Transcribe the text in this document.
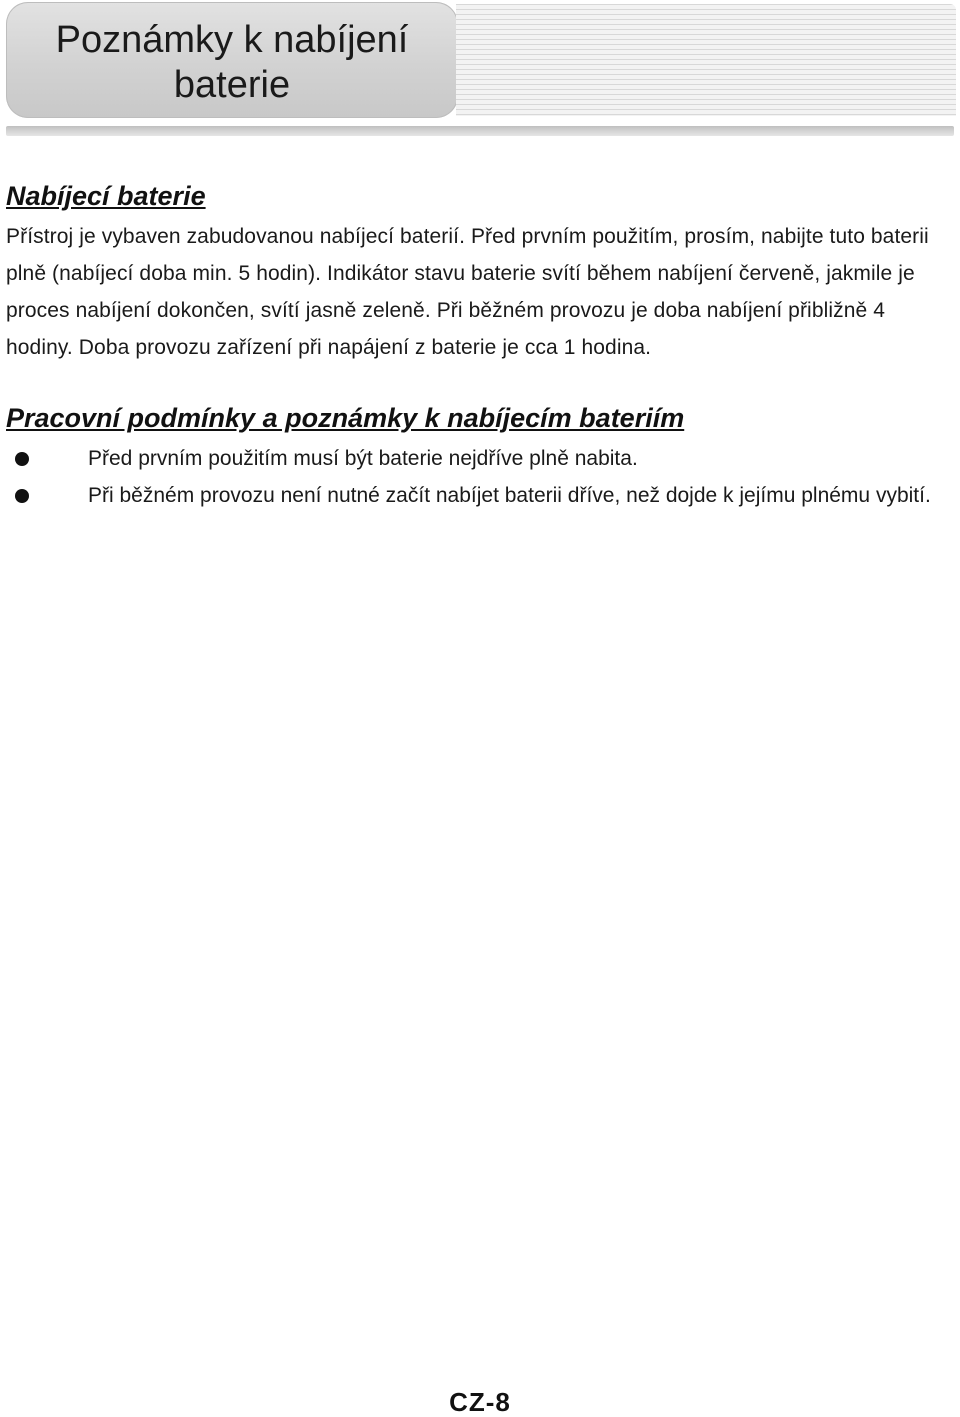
Poznámky k nabíjení
baterie
Nabíjecí baterie

Přístroj je vybaven zabudovanou nabíjecí baterií. Před prvním použitím, prosím, nabijte tuto baterii plně (nabíjecí doba min. 5 hodin). Indikátor stavu baterie svítí během nabíjení červeně, jakmile je proces nabíjení dokončen, svítí jasně zeleně. Při běžném provozu je doba nabíjení přibližně 4 hodiny. Doba provozu zařízení při napájení z baterie je cca 1 hodina.

Pracovní podmínky a poznámky k nabíjecím bateriím
Před prvním použitím musí být baterie nejdříve plně nabita.
Při běžném provozu není nutné začít nabíjet baterii dříve, než dojde k jejímu plnému vybití.
CZ-8
